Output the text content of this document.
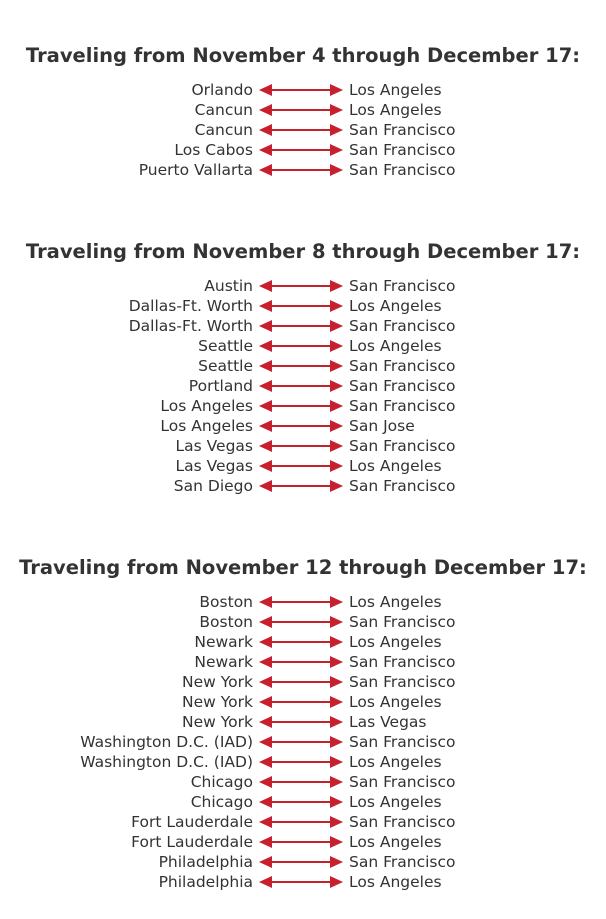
Traveling from November 4 through December 17:
Orlando	Los Angeles
Cancun	Los Angeles
Cancun	San Francisco
Los Cabos	San Francisco
Puerto Vallarta	San Francisco
Traveling from November 8 through December 17:
Austin	San Francisco
Dallas-Ft. Worth	Los Angeles
Dallas-Ft. Worth	San Francisco
Seattle	Los Angeles
Seattle	San Francisco
Portland	San Francisco
Los Angeles	San Francisco
Los Angeles	San Jose
Las Vegas	San Francisco
Las Vegas	Los Angeles
San Diego	San Francisco
Traveling from November 12 through December 17:
Boston	Los Angeles
Boston	San Francisco
Newark	Los Angeles
Newark	San Francisco
New York	San Francisco
New York	Los Angeles
New York	Las Vegas
Washington D.C. (IAD)	San Francisco
Washington D.C. (IAD)	Los Angeles
Chicago	San Francisco
Chicago	Los Angeles
Fort Lauderdale	San Francisco
Fort Lauderdale	Los Angeles
Philadelphia	San Francisco
Philadelphia	Los Angeles
